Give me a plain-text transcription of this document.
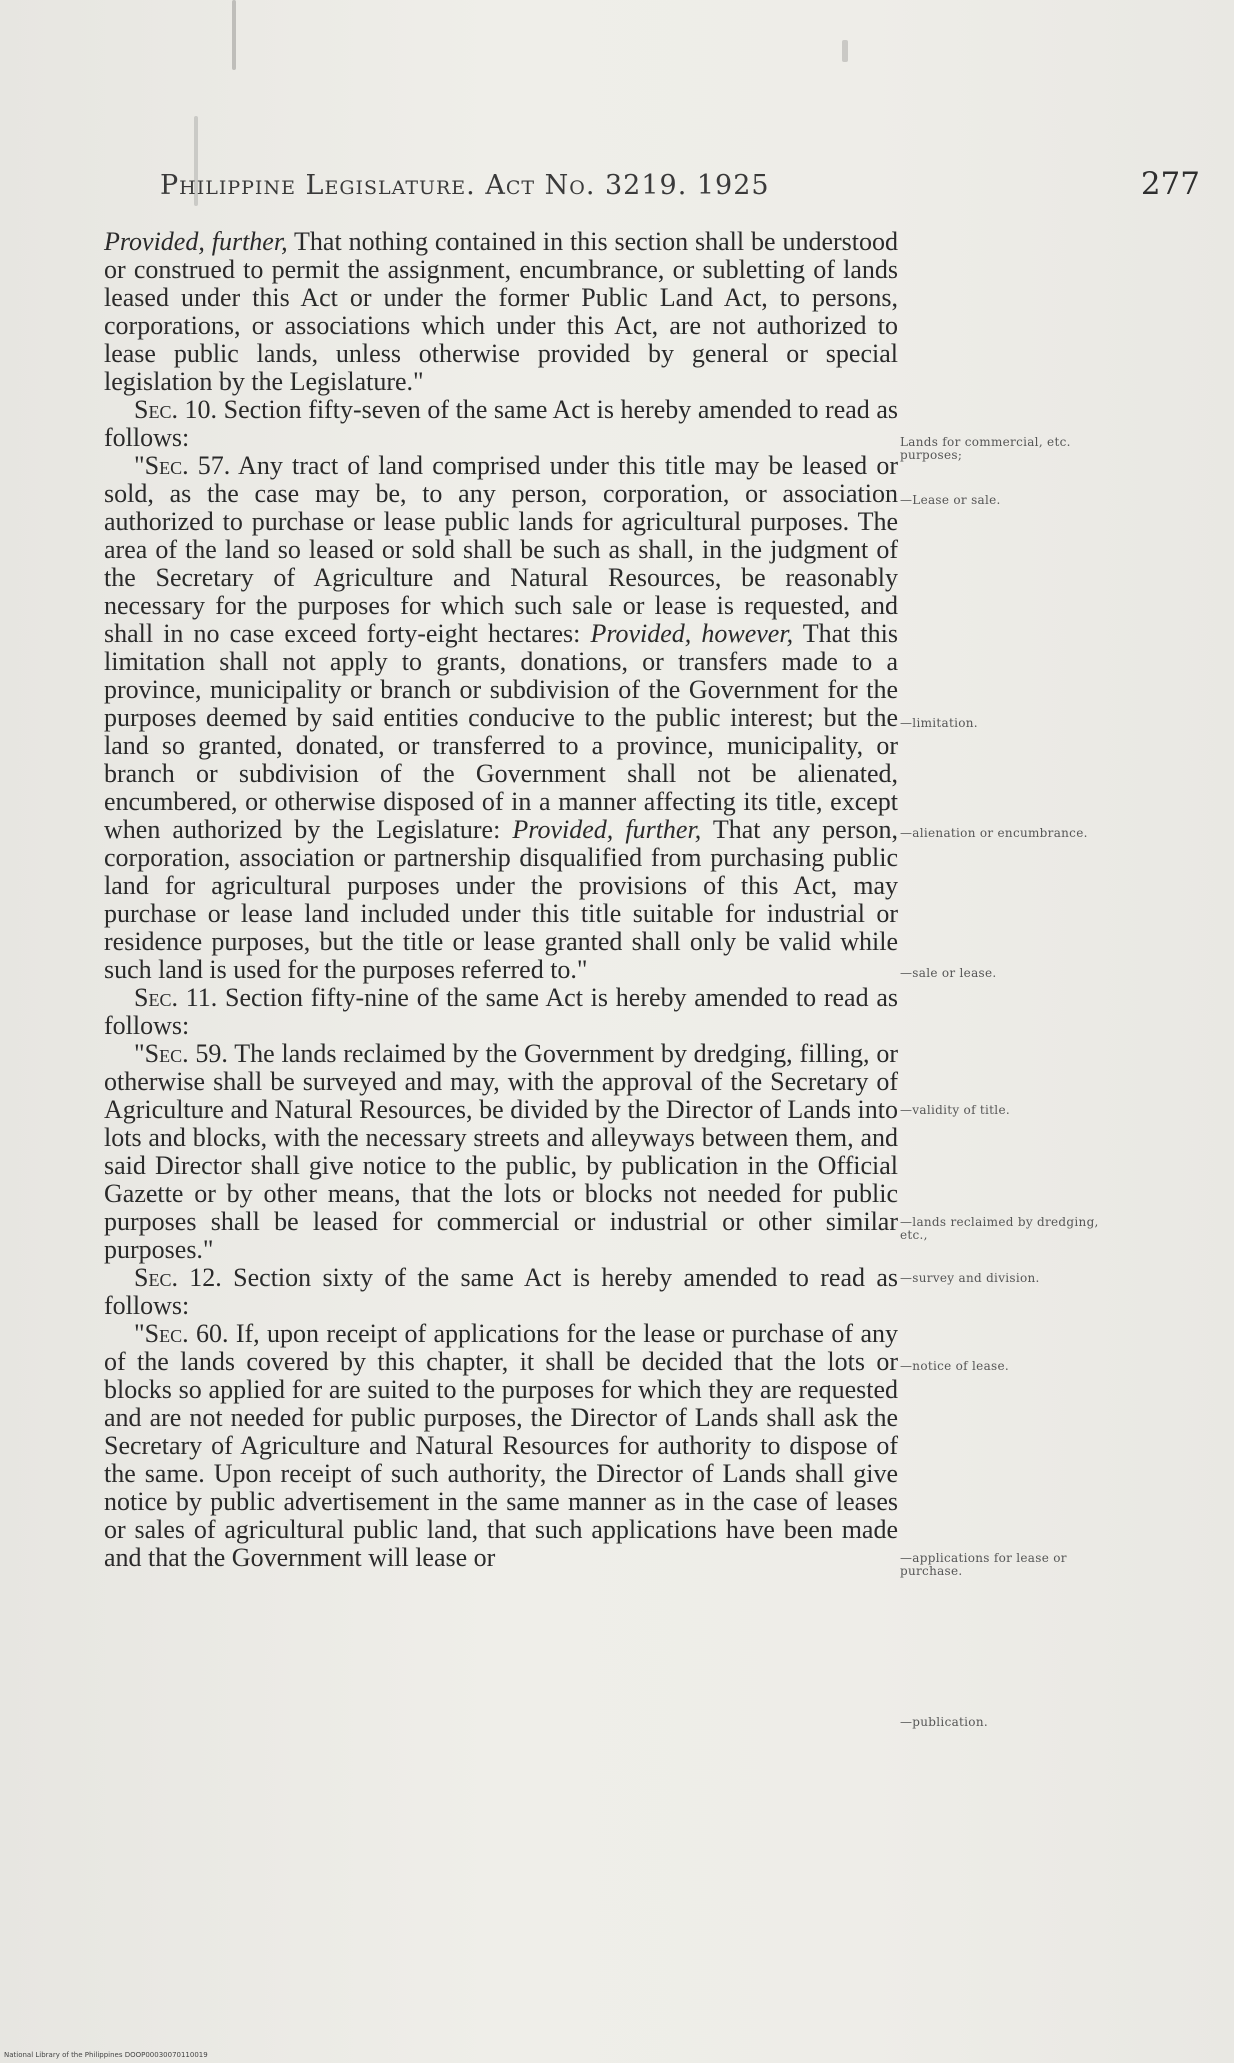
Philippine Legislature. Act No. 3219. 1925	277

Provided, further, That nothing contained in this section shall be understood or construed to permit the assignment, encumbrance, or subletting of lands leased under this Act or under the former Public Land Act, to persons, corporations, or associations which under this Act, are not authorized to lease public lands, unless otherwise provided by general or special legislation by the Legislature."

Sec. 10. Section fifty-seven of the same Act is hereby amended to read as follows:

"Sec. 57. Any tract of land comprised under this title may be leased or sold, as the case may be, to any person, corporation, or association authorized to purchase or lease public lands for agricultural purposes. The area of the land so leased or sold shall be such as shall, in the judgment of the Secretary of Agriculture and Natural Resources, be reasonably necessary for the purposes for which such sale or lease is requested, and shall in no case exceed forty-eight hectares: Provided, however, That this limitation shall not apply to grants, donations, or transfers made to a province, municipality or branch or subdivision of the Government for the purposes deemed by said entities conducive to the public interest; but the land so granted, donated, or transferred to a province, municipality, or branch or subdivision of the Government shall not be alienated, encumbered, or otherwise disposed of in a manner affecting its title, except when authorized by the Legislature: Provided, further, That any person, corporation, association or partnership disqualified from purchasing public land for agricultural purposes under the provisions of this Act, may purchase or lease land included under this title suitable for industrial or residence purposes, but the title or lease granted shall only be valid while such land is used for the purposes referred to."

Sec. 11. Section fifty-nine of the same Act is hereby amended to read as follows:

"Sec. 59. The lands reclaimed by the Government by dredging, filling, or otherwise shall be surveyed and may, with the approval of the Secretary of Agriculture and Natural Resources, be divided by the Director of Lands into lots and blocks, with the necessary streets and alleyways between them, and said Director shall give notice to the public, by publication in the Official Gazette or by other means, that the lots or blocks not needed for public purposes shall be leased for commercial or industrial or other similar purposes."

Sec. 12. Section sixty of the same Act is hereby amended to read as follows:

"Sec. 60. If, upon receipt of applications for the lease or purchase of any of the lands covered by this chapter, it shall be decided that the lots or blocks so applied for are suited to the purposes for which they are requested and are not needed for public purposes, the Director of Lands shall ask the Secretary of Agriculture and Natural Resources for authority to dispose of the same. Upon receipt of such authority, the Director of Lands shall give notice by public advertisement in the same manner as in the case of leases or sales of agricultural public land, that such applications have been made and that the Government will lease or

Lands for commercial, etc. purposes;
—Lease or sale.
—limitation.
—alienation or encumbrance.
—sale or lease.
—validity of title.
—lands reclaimed by dredging, etc.,
—survey and division.
—notice of lease.
—applications for lease or purchase.
—publication.
National Library of the Philippines DOOP00030070110019
